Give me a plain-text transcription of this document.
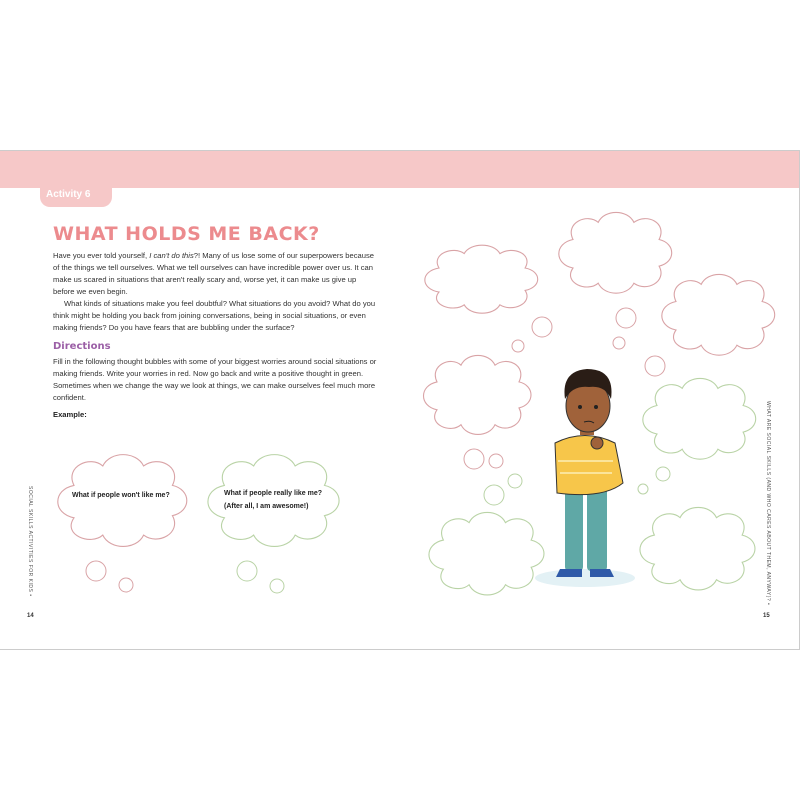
Activity 6
WHAT HOLDS ME BACK?

Have you ever told yourself, I can't do this?! Many of us lose some of our superpowers because of the things we tell ourselves. What we tell ourselves can have incredible power over us. It can make us scared in situations that aren't really scary and, worse yet, it can make us give up before we even begin.

What kinds of situations make you feel doubtful? What situations do you avoid? What do you think might be holding you back from joining conversations, being in social situations, or even making friends? Do you have fears that are bubbling under the surface?

Directions
Fill in the following thought bubbles with some of your biggest worries around social situations or making friends. Write your worries in red. Now go back and write a positive thought in green. Sometimes when we change the way we look at things, we can make ourselves feel much more confident.
Example:
What if people won't like me?	What if people really like me?
(After all, I am awesome!)
SOCIAL SKILLS ACTIVITIES FOR KIDS •
14
WHAT ARE SOCIAL SKILLS (AND WHO CARES ABOUT THEM, ANYWAY)? •
15
